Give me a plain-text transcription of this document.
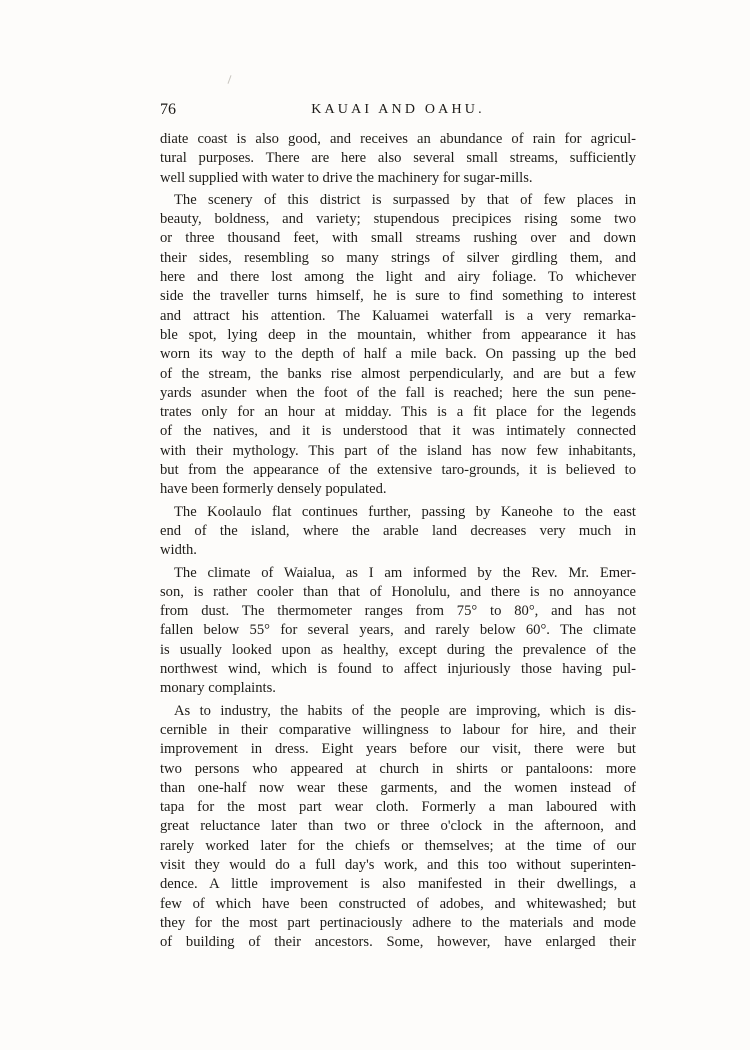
76	KAUAI AND OAHU.
diate coast is also good, and receives an abundance of rain for agricul-
tural purposes. There are here also several small streams, sufficiently
well supplied with water to drive the machinery for sugar-mills.
The scenery of this district is surpassed by that of few places in
beauty, boldness, and variety; stupendous precipices rising some two
or three thousand feet, with small streams rushing over and down
their sides, resembling so many strings of silver girdling them, and
here and there lost among the light and airy foliage. To whichever
side the traveller turns himself, he is sure to find something to interest
and attract his attention. The Kaluamei waterfall is a very remarka-
ble spot, lying deep in the mountain, whither from appearance it has
worn its way to the depth of half a mile back. On passing up the bed
of the stream, the banks rise almost perpendicularly, and are but a few
yards asunder when the foot of the fall is reached; here the sun pene-
trates only for an hour at midday. This is a fit place for the legends
of the natives, and it is understood that it was intimately connected
with their mythology. This part of the island has now few inhabitants,
but from the appearance of the extensive taro-grounds, it is believed to
have been formerly densely populated.
The Koolaulo flat continues further, passing by Kaneohe to the east
end of the island, where the arable land decreases very much in
width.
The climate of Waialua, as I am informed by the Rev. Mr. Emer-
son, is rather cooler than that of Honolulu, and there is no annoyance
from dust. The thermometer ranges from 75° to 80°, and has not
fallen below 55° for several years, and rarely below 60°. The climate
is usually looked upon as healthy, except during the prevalence of the
northwest wind, which is found to affect injuriously those having pul-
monary complaints.
As to industry, the habits of the people are improving, which is dis-
cernible in their comparative willingness to labour for hire, and their
improvement in dress. Eight years before our visit, there were but
two persons who appeared at church in shirts or pantaloons: more
than one-half now wear these garments, and the women instead of
tapa for the most part wear cloth. Formerly a man laboured with
great reluctance later than two or three o'clock in the afternoon, and
rarely worked later for the chiefs or themselves; at the time of our
visit they would do a full day's work, and this too without superinten-
dence. A little improvement is also manifested in their dwellings, a
few of which have been constructed of adobes, and whitewashed; but
they for the most part pertinaciously adhere to the materials and mode
of building of their ancestors. Some, however, have enlarged their
